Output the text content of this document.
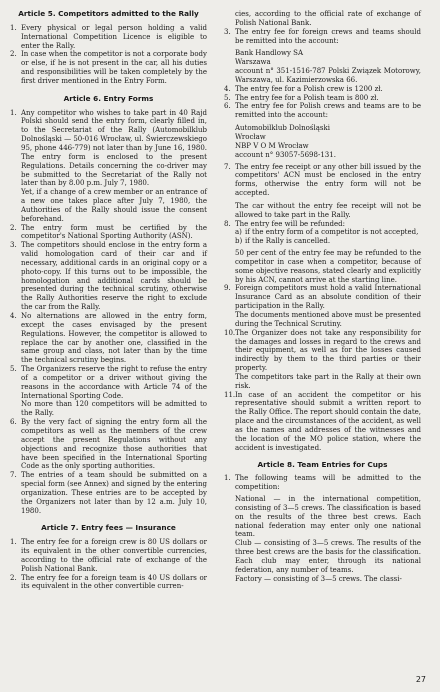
Article 5. Competitors admitted to the Rally
1. Every physical or legal person holding a valid International Competition Licence is eligible to enter the Rally.
2. In case when the competitor is not a corporate body or else, if he is not present in the car, all his duties and responsibilities will be taken completely by the first driver mentioned in the Entry Form.
Article 6. Entry Forms
1. Any competitor who wishes to take part in 40 Rajd Polski should send the entry form, clearly filled in, to the Secretariat of the Rally (Automobilklub Dolnośląski — 50-016 Wrocław, ul. Świerczewskiego 95, phone 446-779) not later than by June 16, 1980. The entry form is enclosed to the present Regulations. Details concerning the co-driver may be submitted to the Secretariat of the Rally not later than by 8.00 p.m. July 7, 1980.

Yet, if a change of a crew member or an entrance of a new one takes place after July 7, 1980, the Authorities of the Rally should issue the consent beforehand.

2. The entry form must be certified by the competitor's National Sporting Authority (ASN).
3. The competitors should enclose in the entry form a valid homologation card of their car and if necessary, additional cards in an original copy or a photo-copy. If this turns out to be impossible, the homologation and additional cards should be presented during the technical scrutiny, otherwise the Rally Authorities reserve the right to exclude the car from the Rally.
4. No alternations are allowed in the entry form, except the cases envisaged by the present Regulations. However, the competitor is allowed to replace the car by another one, classified in the same group and class, not later than by the time the technical scrutiny begins.
5. The Organizers reserve the right to refuse the entry of a competitor or a driver without giving the reasons in the accordance with Article 74 of the International Sporting Code.

No more than 120 competitors will be admitted to the Rally.

6. By the very fact of signing the entry form all the competitors as well as the members of the crew accept the present Regulations without any objections and recognize those authorities that have been specified in the International Sporting Code as the only sporting authorities.
7. The entries of a team should be submitted on a special form (see Annex) and signed by the entering organization. These entries are to be accepted by the Organizers not later than by 12 a.m. July 10, 1980.
Article 7. Entry fees — Insurance
1. The entry fee for a foreign crew is 80 US dollars or its equivalent in the other convertible currencies, according to the official rate of exchange of the Polish National Bank.
2. The entry fee for a foreign team is 40 US dollars or its equivalent in the other convertible curren-

cies, according to the official rate of exchange of Polish National Bank.

3. The entry fee for foreign crews and teams should be remitted into the account:

Bank Handlowy SA

Warszawa

account n° 351-1516-787 Polski Związek Motorowy, Warszawa, ul. Kazimierzowska 66.

4. The entry fee for a Polish crew is 1200 zł.
5. The entry fee for a Polish team is 800 zł.
6. The entry fee for Polish crews and teams are to be remitted into the account:

Automobilklub Dolnośląski

Wrocław

NBP V O M Wrocław

account n° 93057-5698-131.

7. The entry fee receipt or any other bill issued by the competitors' ACN must be enclosed in the entry forms, otherwise the entry form will not be accepted.

The car without the entry fee receipt will not be allowed to take part in the Rally.

8. The entry fee will be refunded:
a) if the entry form of a competitor is not accepted,
b) if the Rally is cancelled.

50 per cent of the entry fee may be refunded to the competitor in case when a competitor, because of some objective reasons, stated clearly and explicitly by his ACN, cannot arrive at the starting line.

9. Foreign competitors must hold a valid International Insurance Card as an absolute condition of their participation in the Rally.

The documents mentioned above must be presented during the Technical Scrutiny.

10. The Organizer does not take any responsibility for the damages and losses in regard to the crews and their equipment, as well as for the losses caused indirectly by them to the third parties or their property.

The competitors take part in the Rally at their own risk.

11. In case of an accident the competitor or his representative should submit a written report to the Rally Office. The report should contain the date, place and the circumstances of the accident, as well as the names and addresses of the witnesses and the location of the MO police station, where the accident is investigated.
Article 8. Team Entries for Cups
1. The following teams will be admitted to the competition:

National — in the international competition, consisting of 3—5 crews. The classification is based on the results of the three best crews. Each national federation may enter only one national team.

Club — consisting of 3—5 crews. The results of the three best crews are the basis for the classification. Each club may enter, through its national federation, any number of teams.

Factory — consisting of 3—5 crews. The classi-

27
